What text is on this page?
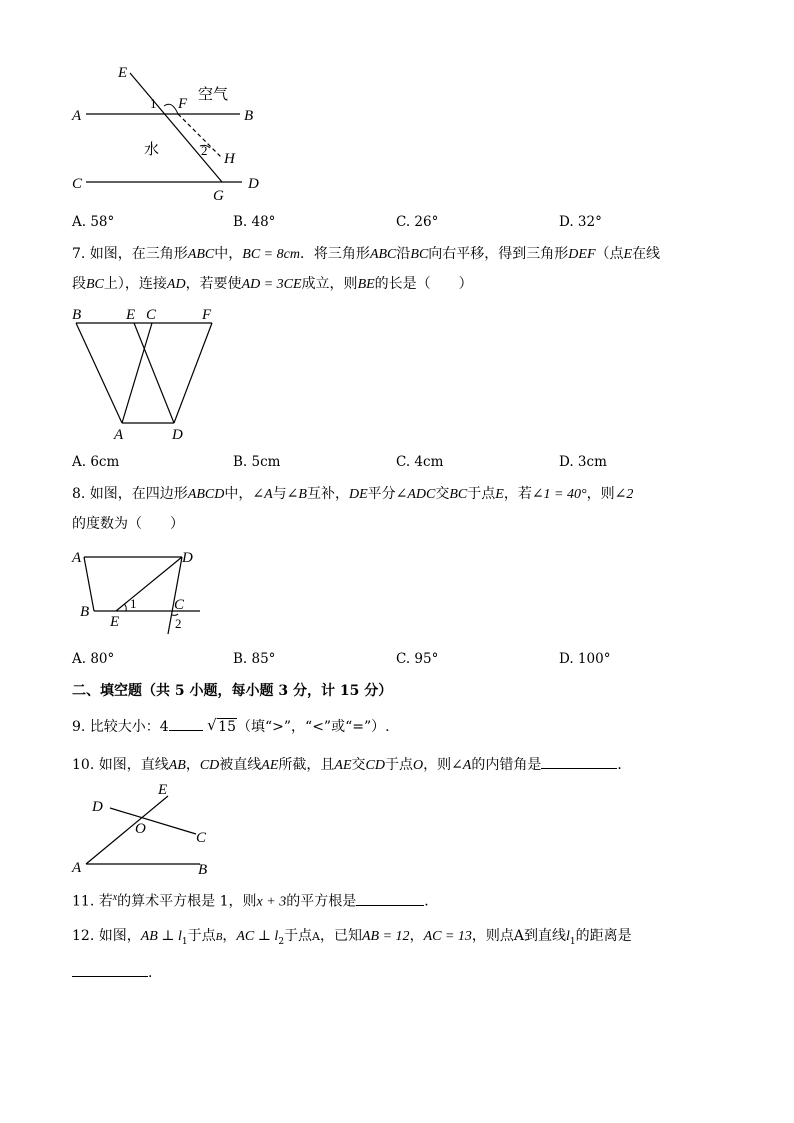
E
F
A	B
C	D
G
H
1
2
空气
水
A. 58°	B. 48°	C. 26°	D. 32°
7. 如图，在三角形ABC中，BC = 8cm．将三角形ABC沿BC向右平移，得到三角形DEF（点E在线
段BC上），连接AD，若要使AD = 3CE成立，则BE的长是（　　）
B	E C	F
A	D
A. 6cm	B. 5cm	C. 4cm	D. 3cm
8. 如图，在四边形ABCD中，∠A与∠B互补，DE平分∠ADC交BC于点E，若∠1 = 40°，则∠2
的度数为（　　）
A	D
B
E
C
1
2
A. 80°	B. 85°	C. 95°	D. 100°
二、填空题（共 5 小题，每小题 3 分，计 15 分）
9. 比较大小：4	√ 15（填“>”，“<”或“=”）.
10. 如图，直线AB，CD被直线AE所截，且AE交CD于点O，则∠A的内错角是	．
D
E
O
C
A	B
11. 若$^x$的算术平方根是 1，则x + 3的平方根是	.
12. 如图，AB ⊥ $l_1$于点B，AC ⊥ $l_2$于点A，已知AB = 12，AC = 13，则点A到直线$l_1$的距离是
.
